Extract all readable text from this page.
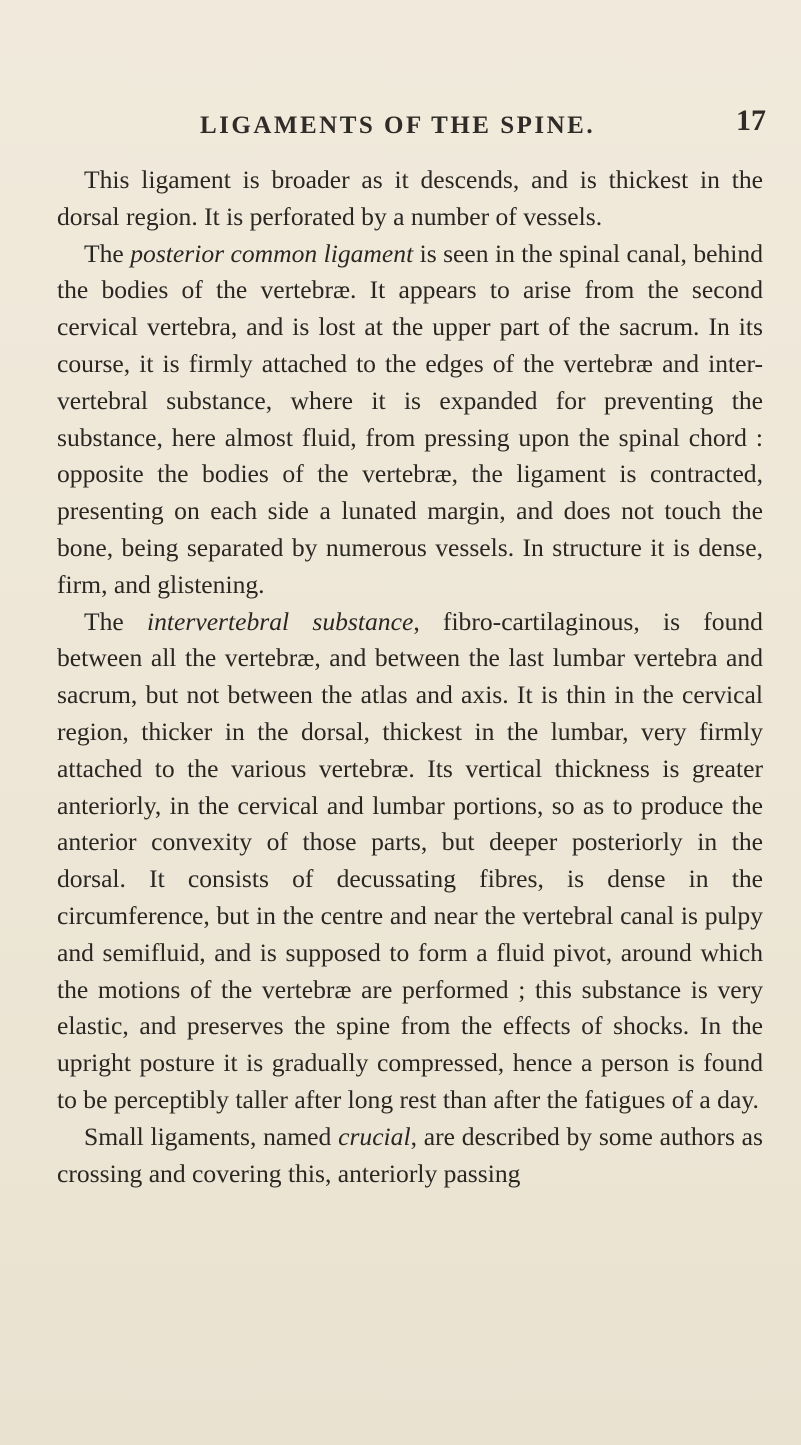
LIGAMENTS OF THE SPINE.	17

This ligament is broader as it descends, and is thickest in the dorsal region. It is perforated by a number of vessels.

The posterior common ligament is seen in the spinal canal, behind the bodies of the vertebræ. It appears to arise from the second cervical vertebra, and is lost at the upper part of the sacrum. In its course, it is firmly attached to the edges of the vertebræ and inter-vertebral substance, where it is expanded for preventing the substance, here almost fluid, from pressing upon the spinal chord : opposite the bodies of the vertebræ, the ligament is contracted, presenting on each side a lunated margin, and does not touch the bone, being separated by numerous vessels. In structure it is dense, firm, and glistening.

The intervertebral substance, fibro-cartilaginous, is found between all the vertebræ, and between the last lumbar vertebra and sacrum, but not between the atlas and axis. It is thin in the cervical region, thicker in the dorsal, thickest in the lumbar, very firmly attached to the various vertebræ. Its vertical thickness is greater anteriorly, in the cervical and lumbar portions, so as to produce the anterior convexity of those parts, but deeper posteriorly in the dorsal. It consists of decussating fibres, is dense in the circumference, but in the centre and near the vertebral canal is pulpy and semifluid, and is supposed to form a fluid pivot, around which the motions of the vertebræ are performed ; this substance is very elastic, and preserves the spine from the effects of shocks. In the upright posture it is gradually compressed, hence a person is found to be perceptibly taller after long rest than after the fatigues of a day.

Small ligaments, named crucial, are described by some authors as crossing and covering this, anteriorly passing
